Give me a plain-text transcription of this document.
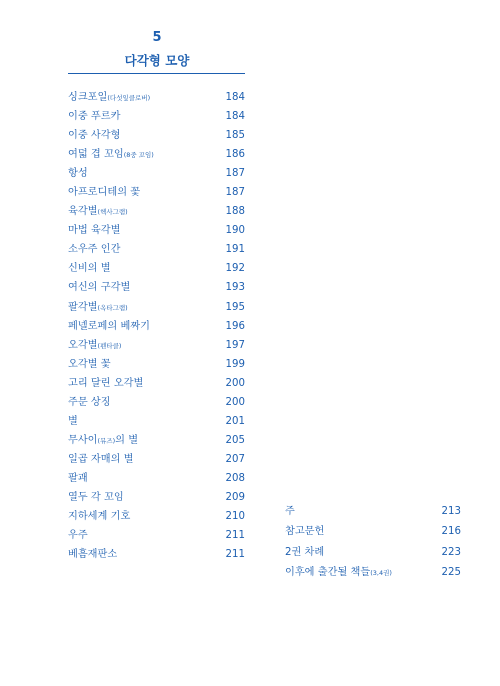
5
다각형 모양
싱크포일(다섯잎클로버)	184
이중 푸르카	184
이중 사각형	185
여덟 겹 꼬임(8중 꼬임)	186
항성	187
아프로디테의 꽃	187
육각별(헥사그램)	188
마법 육각별	190
소우주 인간	191
신비의 별	192
여신의 구각별	193
팔각별(옥타그램)	195
페넬로페의 베짜기	196
오각별(펜타클)	197
오각별 꽃	199
고리 달린 오각별	200
주문 상징	200
별	201
무사이(뮤즈)의 별	205
일곱 자매의 별	207
팔괘	208
열두 각 꼬임	209
지하세계 기호	210
우주	211
베흠재판소	211
주	213
참고문헌	216
2권 차례	223
이후에 출간될 책들(3,4권)	225
